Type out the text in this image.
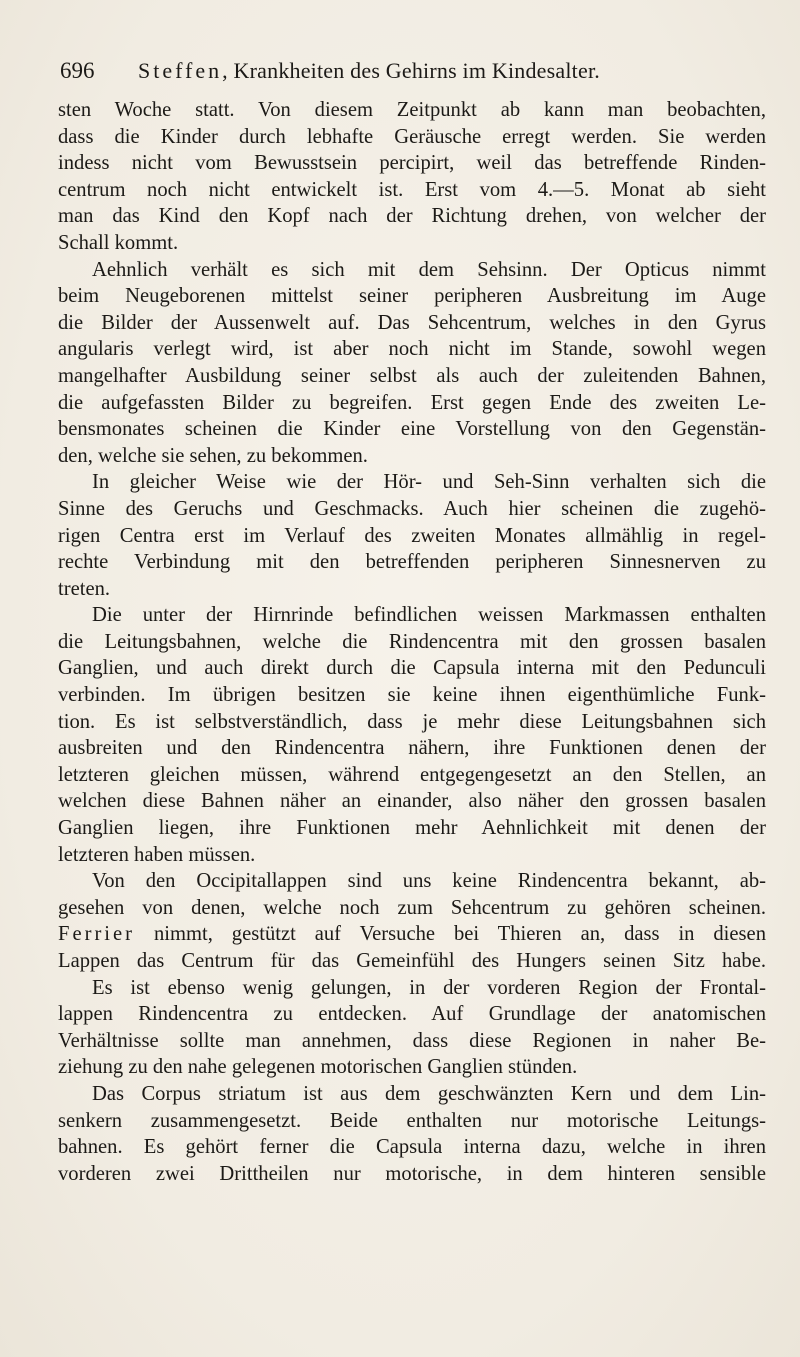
696 Steffen, Krankheiten des Gehirns im Kindesalter.
sten Woche statt. Von diesem Zeitpunkt ab kann man beobachten,
dass die Kinder durch lebhafte Geräusche erregt werden. Sie werden
indess nicht vom Bewusstsein percipirt, weil das betreffende Rinden-
centrum noch nicht entwickelt ist. Erst vom 4.—5. Monat ab sieht
man das Kind den Kopf nach der Richtung drehen, von welcher der
Schall kommt.
Aehnlich verhält es sich mit dem Sehsinn. Der Opticus nimmt
beim Neugeborenen mittelst seiner peripheren Ausbreitung im Auge
die Bilder der Aussenwelt auf. Das Sehcentrum, welches in den Gyrus
angularis verlegt wird, ist aber noch nicht im Stande, sowohl wegen
mangelhafter Ausbildung seiner selbst als auch der zuleitenden Bahnen,
die aufgefassten Bilder zu begreifen. Erst gegen Ende des zweiten Le-
bensmonates scheinen die Kinder eine Vorstellung von den Gegenstän-
den, welche sie sehen, zu bekommen.
In gleicher Weise wie der Hör- und Seh-Sinn verhalten sich die
Sinne des Geruchs und Geschmacks. Auch hier scheinen die zugehö-
rigen Centra erst im Verlauf des zweiten Monates allmählig in regel-
rechte Verbindung mit den betreffenden peripheren Sinnesnerven zu
treten.
Die unter der Hirnrinde befindlichen weissen Markmassen enthalten
die Leitungsbahnen, welche die Rindencentra mit den grossen basalen
Ganglien, und auch direkt durch die Capsula interna mit den Pedunculi
verbinden. Im übrigen besitzen sie keine ihnen eigenthümliche Funk-
tion. Es ist selbstverständlich, dass je mehr diese Leitungsbahnen sich
ausbreiten und den Rindencentra nähern, ihre Funktionen denen der
letzteren gleichen müssen, während entgegengesetzt an den Stellen, an
welchen diese Bahnen näher an einander, also näher den grossen basalen
Ganglien liegen, ihre Funktionen mehr Aehnlichkeit mit denen der
letzteren haben müssen.
Von den Occipitallappen sind uns keine Rindencentra bekannt, ab-
gesehen von denen, welche noch zum Sehcentrum zu gehören scheinen.
Ferrier nimmt, gestützt auf Versuche bei Thieren an, dass in diesen
Lappen das Centrum für das Gemeinfühl des Hungers seinen Sitz habe.
Es ist ebenso wenig gelungen, in der vorderen Region der Frontal-
lappen Rindencentra zu entdecken. Auf Grundlage der anatomischen
Verhältnisse sollte man annehmen, dass diese Regionen in naher Be-
ziehung zu den nahe gelegenen motorischen Ganglien stünden.
Das Corpus striatum ist aus dem geschwänzten Kern und dem Lin-
senkern zusammengesetzt. Beide enthalten nur motorische Leitungs-
bahnen. Es gehört ferner die Capsula interna dazu, welche in ihren
vorderen zwei Drittheilen nur motorische, in dem hinteren sensible
